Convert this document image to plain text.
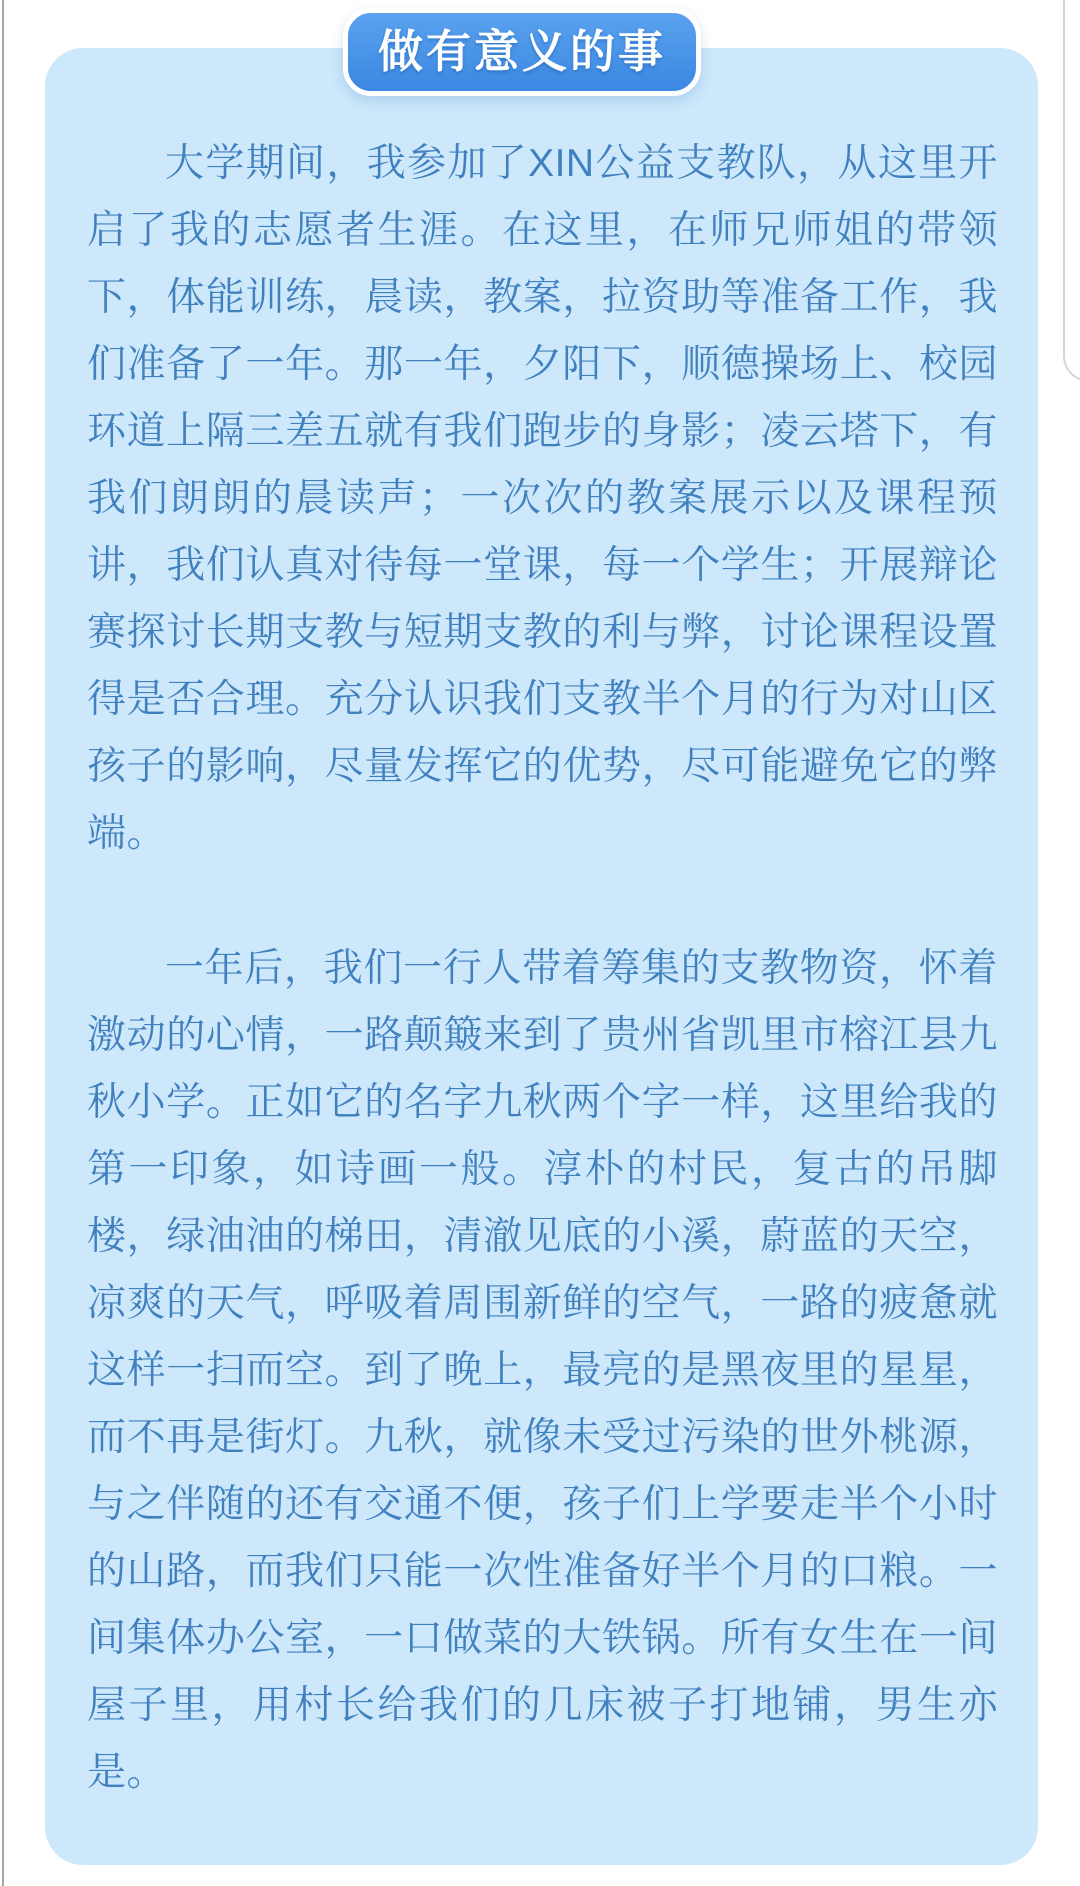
大学期间，我参加了XIN公益支教队，从这里开启了我的志愿者生涯。在这里，在师兄师姐的带领下，体能训练，晨读，教案，拉资助等准备工作，我们准备了一年。那一年，夕阳下，顺德操场上、校园环道上隔三差五就有我们跑步的身影；凌云塔下，有我们朗朗的晨读声；一次次的教案展示以及课程预讲，我们认真对待每一堂课，每一个学生；开展辩论赛探讨长期支教与短期支教的利与弊，讨论课程设置得是否合理。充分认识我们支教半个月的行为对山区孩子的影响，尽量发挥它的优势，尽可能避免它的弊端。

一年后，我们一行人带着筹集的支教物资，怀着激动的心情，一路颠簸来到了贵州省凯里市榕江县九秋小学。正如它的名字九秋两个字一样，这里给我的第一印象，如诗画一般。淳朴的村民，复古的吊脚楼，绿油油的梯田，清澈见底的小溪，蔚蓝的天空，凉爽的天气，呼吸着周围新鲜的空气，一路的疲惫就这样一扫而空。到了晚上，最亮的是黑夜里的星星，而不再是街灯。九秋，就像未受过污染的世外桃源，与之伴随的还有交通不便，孩子们上学要走半个小时的山路，而我们只能一次性准备好半个月的口粮。一间集体办公室，一口做菜的大铁锅。所有女生在一间屋子里，用村长给我们的几床被子打地铺，男生亦是。

做有意义的事
